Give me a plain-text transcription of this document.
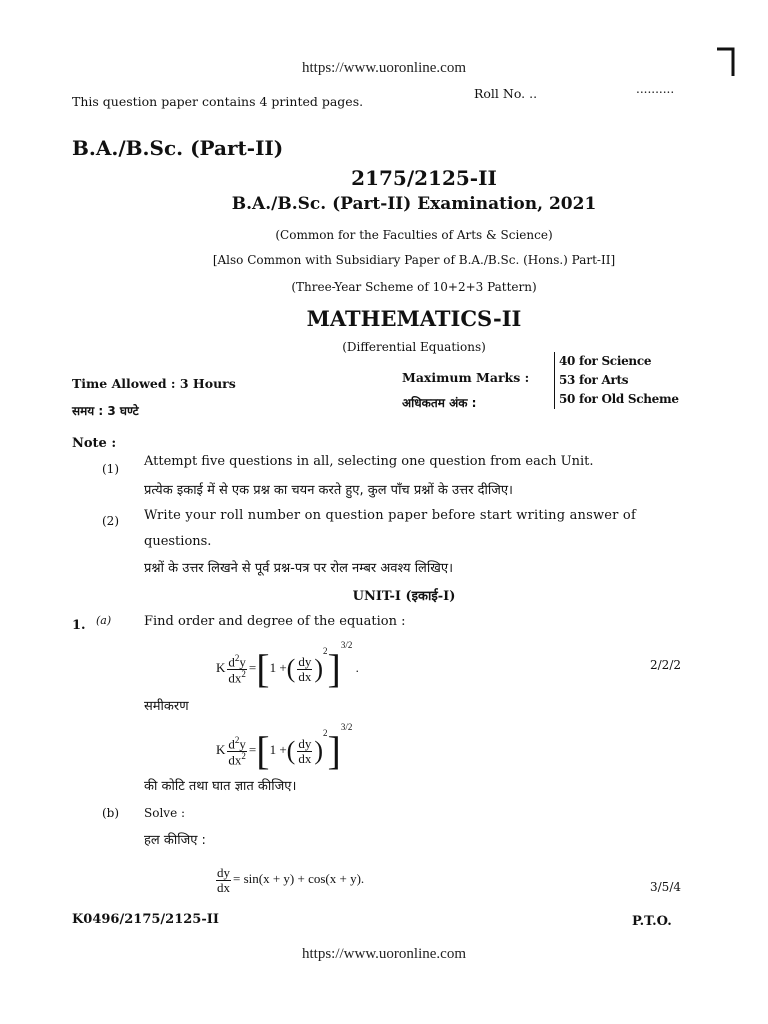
https://www.uoronline.com
This question paper contains 4 printed pages.
Roll No. ..	..........
B.A./B.Sc. (Part-II)
2175/2125-II
B.A./B.Sc. (Part-II) Examination, 2021
(Common for the Faculties of Arts & Science)
[Also Common with Subsidiary Paper of B.A./B.Sc. (Hons.) Part-II]
(Three-Year Scheme of 10+2+3 Pattern)
MATHEMATICS-II
(Differential Equations)
Time Allowed : 3 Hours
समय : 3 घण्टे
Maximum Marks :
अधिकतम अंक :
40 for Science
53 for Arts
50 for Old Scheme
Note :
(1) Attempt five questions in all, selecting one question from each Unit.
प्रत्येक इकाई में से एक प्रश्न का चयन करते हुए, कुल पाँच प्रश्नों के उत्तर दीजिए।
(2) Write your roll number on question paper before start writing answer of
questions.
प्रश्नों के उत्तर लिखने से पूर्व प्रश्न-पत्र पर रोल नम्बर अवश्य लिखिए।
UNIT-I (इकाई-I)
1. (a)	Find order and degree of the equation :
K $\frac{d^2y}{dx^2} =[1$ +( $\frac{dy}{dx} )^2]^{3/2}$ .	2/2/2
समीकरण
K $\frac{d^2y}{dx^2} =[1$ +( $\frac{dy}{dx} )^2]^{3/2}$
की कोटि तथा घात ज्ञात कीजिए।
(b) Solve :
हल कीजिए :
$\frac{dy}{dx} = \sin(x + y) + \cos(x + y)$.
3/5/4
K0496/2175/2125-II	P.T.O.
https://www.uoronline.com
